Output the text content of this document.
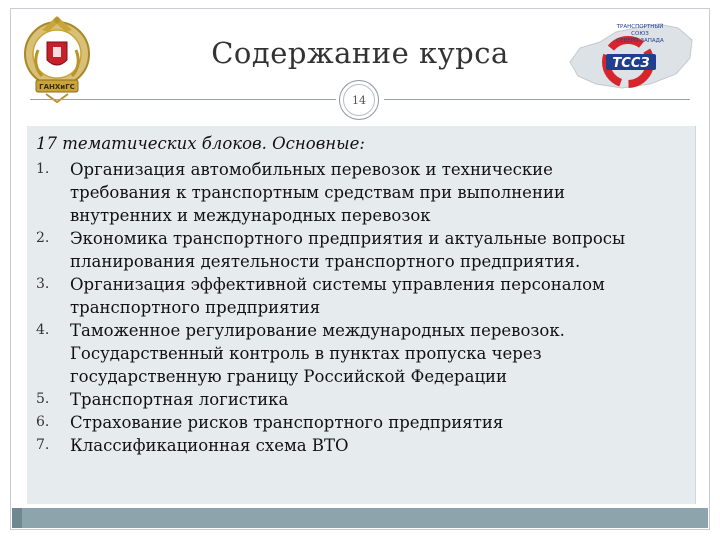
ГАНХиГС
ТССЗ
ТРАНСПОРТНЫЙ
СОЮЗ
СЕВЕРО-ЗАПАДА
Содержание курса
14
17 тематических блоков. Основные:
1. Организация автомобильных перевозок и технические
требования к транспортным средствам при выполнении
внутренних и международных перевозок
2. Экономика транспортного предприятия и актуальные вопросы
планирования деятельности транспортного предприятия.
3. Организация эффективной системы управления персоналом
транспортного предприятия
4. Таможенное регулирование международных перевозок.
Государственный контроль в пунктах пропуска через
государственную границу Российской Федерации
5. Транспортная логистика
6. Страхование рисков транспортного предприятия
7. Классификационная схема ВТО
